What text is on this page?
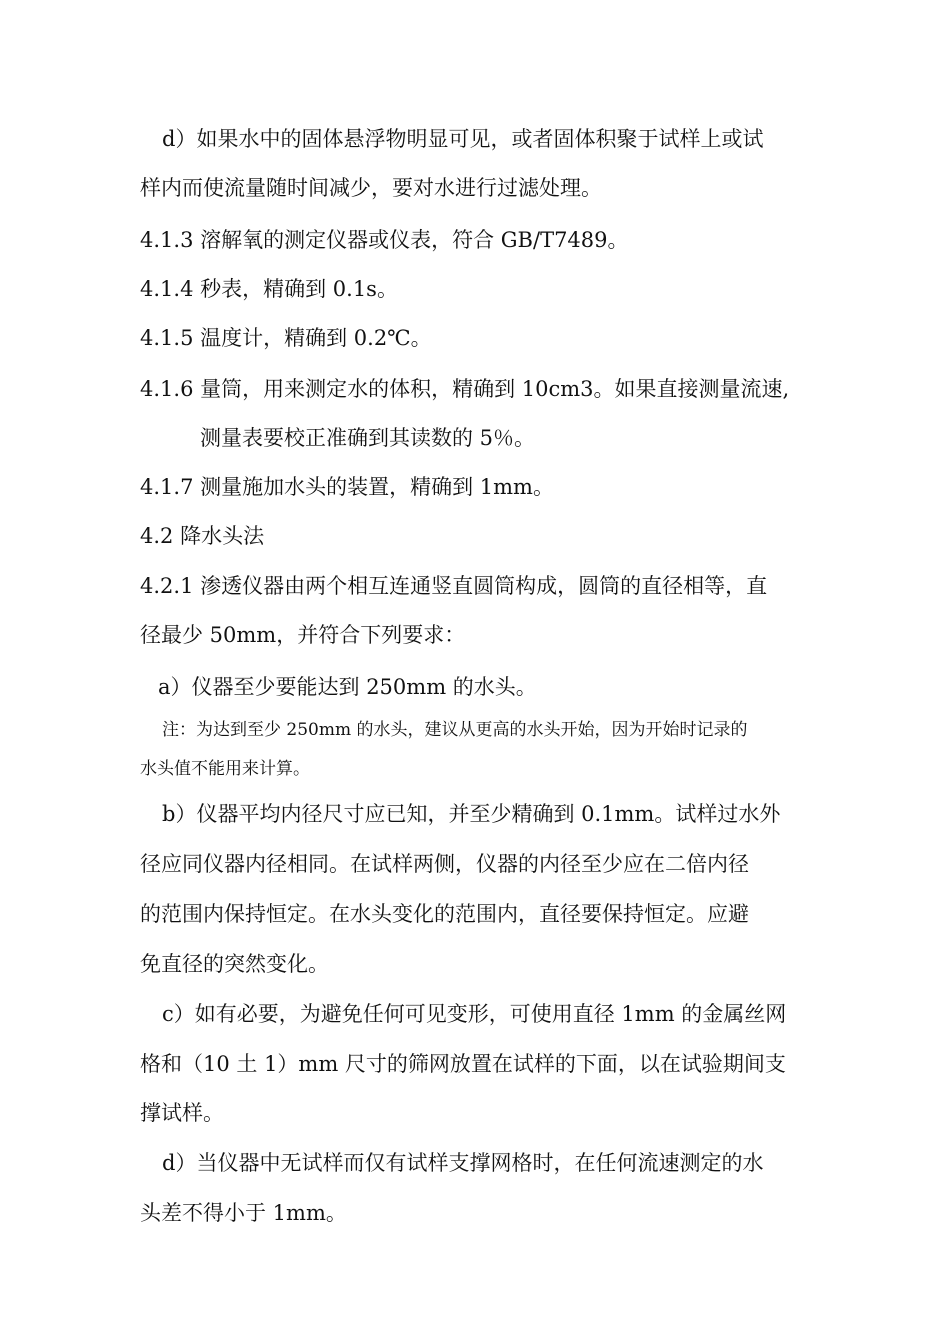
d）如果水中的固体悬浮物明显可见，或者固体积聚于试样上或试
样内而使流量随时间减少，要对水进行过滤处理。
4.1.3 溶解氧的测定仪器或仪表，符合 GB/T7489。
4.1.4 秒表，精确到 0.1s。
4.1.5 温度计，精确到 0.2℃。
4.1.6 量筒，用来测定水的体积，精确到 10cm3。如果直接测量流速,
测量表要校正准确到其读数的 5％。
4.1.7 测量施加水头的装置，精确到 1mm。
4.2 降水头法
4.2.1 渗透仪器由两个相互连通竖直圆筒构成，圆筒的直径相等，直
径最少 50mm，并符合下列要求：
a）仪器至少要能达到 250mm 的水头。
注：为达到至少 250mm 的水头，建议从更高的水头开始，因为开始时记录的
水头值不能用来计算。
b）仪器平均内径尺寸应已知，并至少精确到 0.1mm。试样过水外
径应同仪器内径相同。在试样两侧，仪器的内径至少应在二倍内径
的范围内保持恒定。在水头变化的范围内，直径要保持恒定。应避
免直径的突然变化。
c）如有必要，为避免任何可见变形，可使用直径 1mm 的金属丝网
格和（10 土 1）mm 尺寸的筛网放置在试样的下面，以在试验期间支
撑试样。
d）当仪器中无试样而仅有试样支撑网格时，在任何流速测定的水
头差不得小于 1mm。
